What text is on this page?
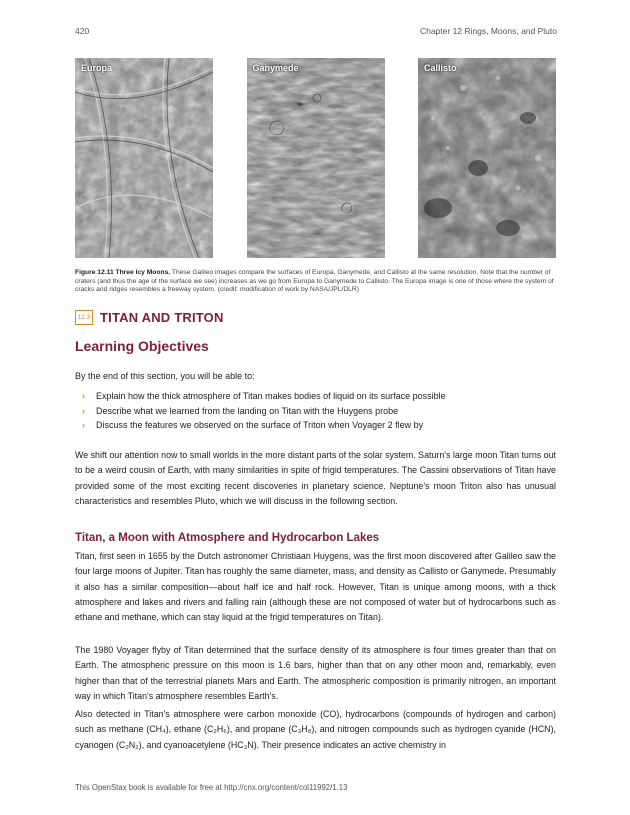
420	Chapter 12 Rings, Moons, and Pluto
Europa	Ganymede	Callisto
Figure 12.11 Three Icy Moons. These Galileo images compare the surfaces of Europa, Ganymede, and Callisto at the same resolution. Note that the number of craters (and thus the age of the surface we see) increases as we go from Europa to Ganymede to Callisto. The Europa image is one of those where the system of cracks and ridges resembles a freeway system. (credit: modification of work by NASA/JPL/DLR)
12.3 TITAN AND TRITON
Learning Objectives
By the end of this section, you will be able to:
› Explain how the thick atmosphere of Titan makes bodies of liquid on its surface possible
› Describe what we learned from the landing on Titan with the Huygens probe
› Discuss the features we observed on the surface of Triton when Voyager 2 flew by

We shift our attention now to small worlds in the more distant parts of the solar system. Saturn's large moon Titan turns out to be a weird cousin of Earth, with many similarities in spite of frigid temperatures. The Cassini observations of Titan have provided some of the most exciting recent discoveries in planetary science. Neptune's moon Triton also has unusual characteristics and resembles Pluto, which we will discuss in the following section.

Titan, a Moon with Atmosphere and Hydrocarbon Lakes

Titan, first seen in 1655 by the Dutch astronomer Christiaan Huygens, was the first moon discovered after Galileo saw the four large moons of Jupiter. Titan has roughly the same diameter, mass, and density as Callisto or Ganymede. Presumably it also has a similar composition—about half ice and half rock. However, Titan is unique among moons, with a thick atmosphere and lakes and rivers and falling rain (although these are not composed of water but of hydrocarbons such as ethane and methane, which can stay liquid at the frigid temperatures on Titan).

The 1980 Voyager flyby of Titan determined that the surface density of its atmosphere is four times greater than that on Earth. The atmospheric pressure on this moon is 1.6 bars, higher than that on any other moon and, remarkably, even higher than that of the terrestrial planets Mars and Earth. The atmospheric composition is primarily nitrogen, an important way in which Titan's atmosphere resembles Earth's.

Also detected in Titan's atmosphere were carbon monoxide (CO), hydrocarbons (compounds of hydrogen and carbon) such as methane (CH₄), ethane (C₂H₆), and propane (C₃H₈), and nitrogen compounds such as hydrogen cyanide (HCN), cyanogen (C₂N₂), and cyanoacetylene (HC₃N). Their presence indicates an active chemistry in

This OpenStax book is available for free at http://cnx.org/content/col11992/1.13
